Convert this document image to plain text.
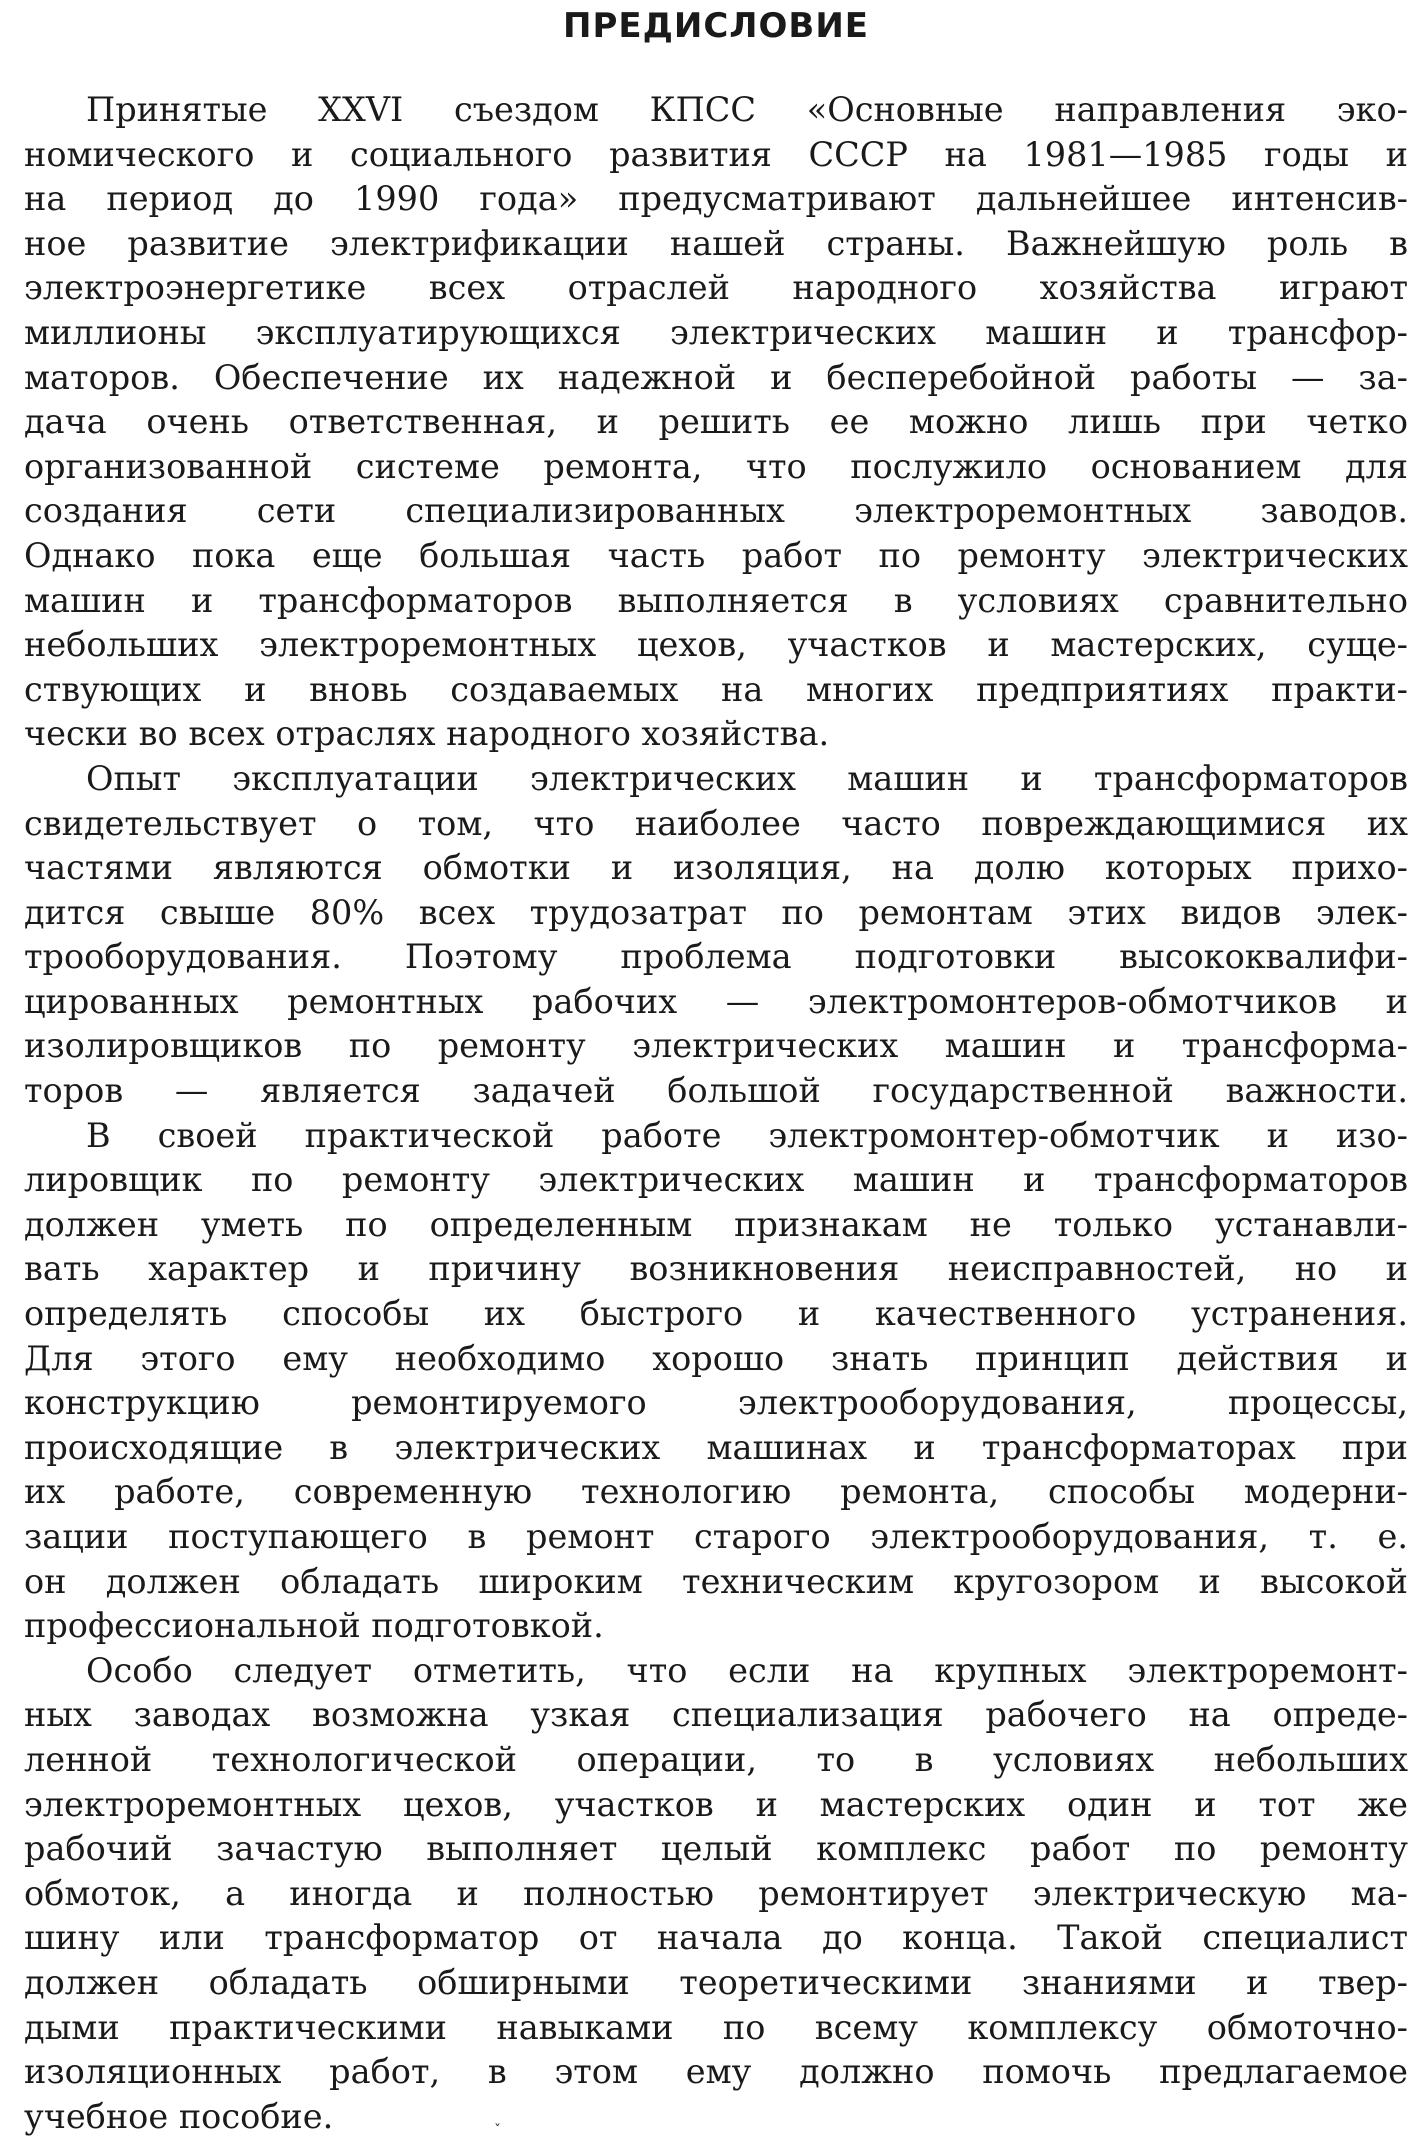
ПРЕДИСЛОВИЕ
Принятые XXVI съездом КПСС «Основные направления эко-
номического и социального развития СССР на 1981—1985 годы и
на период до 1990 года» предусматривают дальнейшее интенсив-
ное развитие электрификации нашей страны. Важнейшую роль в
электроэнергетике всех отраслей народного хозяйства играют
миллионы эксплуатирующихся электрических машин и трансфор-
маторов. Обеспечение их надежной и бесперебойной работы — за-
дача очень ответственная, и решить ее можно лишь при четко
организованной системе ремонта, что послужило основанием для
создания сети специализированных электроремонтных заводов.
Однако пока еще большая часть работ по ремонту электрических
машин и трансформаторов выполняется в условиях сравнительно
небольших электроремонтных цехов, участков и мастерских, суще-
ствующих и вновь создаваемых на многих предприятиях практи-
чески во всех отраслях народного хозяйства.
Опыт эксплуатации электрических машин и трансформаторов
свидетельствует о том, что наиболее часто повреждающимися их
частями являются обмотки и изоляция, на долю которых прихо-
дится свыше 80% всех трудозатрат по ремонтам этих видов элек-
трооборудования. Поэтому проблема подготовки высококвалифи-
цированных ремонтных рабочих — электромонтеров-обмотчиков и
изолировщиков по ремонту электрических машин и трансформа-
торов — является задачей большой государственной важности.
В своей практической работе электромонтер-обмотчик и изо-
лировщик по ремонту электрических машин и трансформаторов
должен уметь по определенным признакам не только устанавли-
вать характер и причину возникновения неисправностей, но и
определять способы их быстрого и качественного устранения.
Для этого ему необходимо хорошо знать принцип действия и
конструкцию ремонтируемого электрооборудования, процессы,
происходящие в электрических машинах и трансформаторах при
их работе, современную технологию ремонта, способы модерни-
зации поступающего в ремонт старого электрооборудования, т. е.
он должен обладать широким техническим кругозором и высокой
профессиональной подготовкой.
Особо следует отметить, что если на крупных электроремонт-
ных заводах возможна узкая специализация рабочего на опреде-
ленной технологической операции, то в условиях небольших
электроремонтных цехов, участков и мастерских один и тот же
рабочий зачастую выполняет целый комплекс работ по ремонту
обмоток, а иногда и полностью ремонтирует электрическую ма-
шину или трансформатор от начала до конца. Такой специалист
должен обладать обширными теоретическими знаниями и твер-
дыми практическими навыками по всему комплексу обмоточно-
изоляционных работ, в этом ему должно помочь предлагаемое
учебное пособие.	ˇ
